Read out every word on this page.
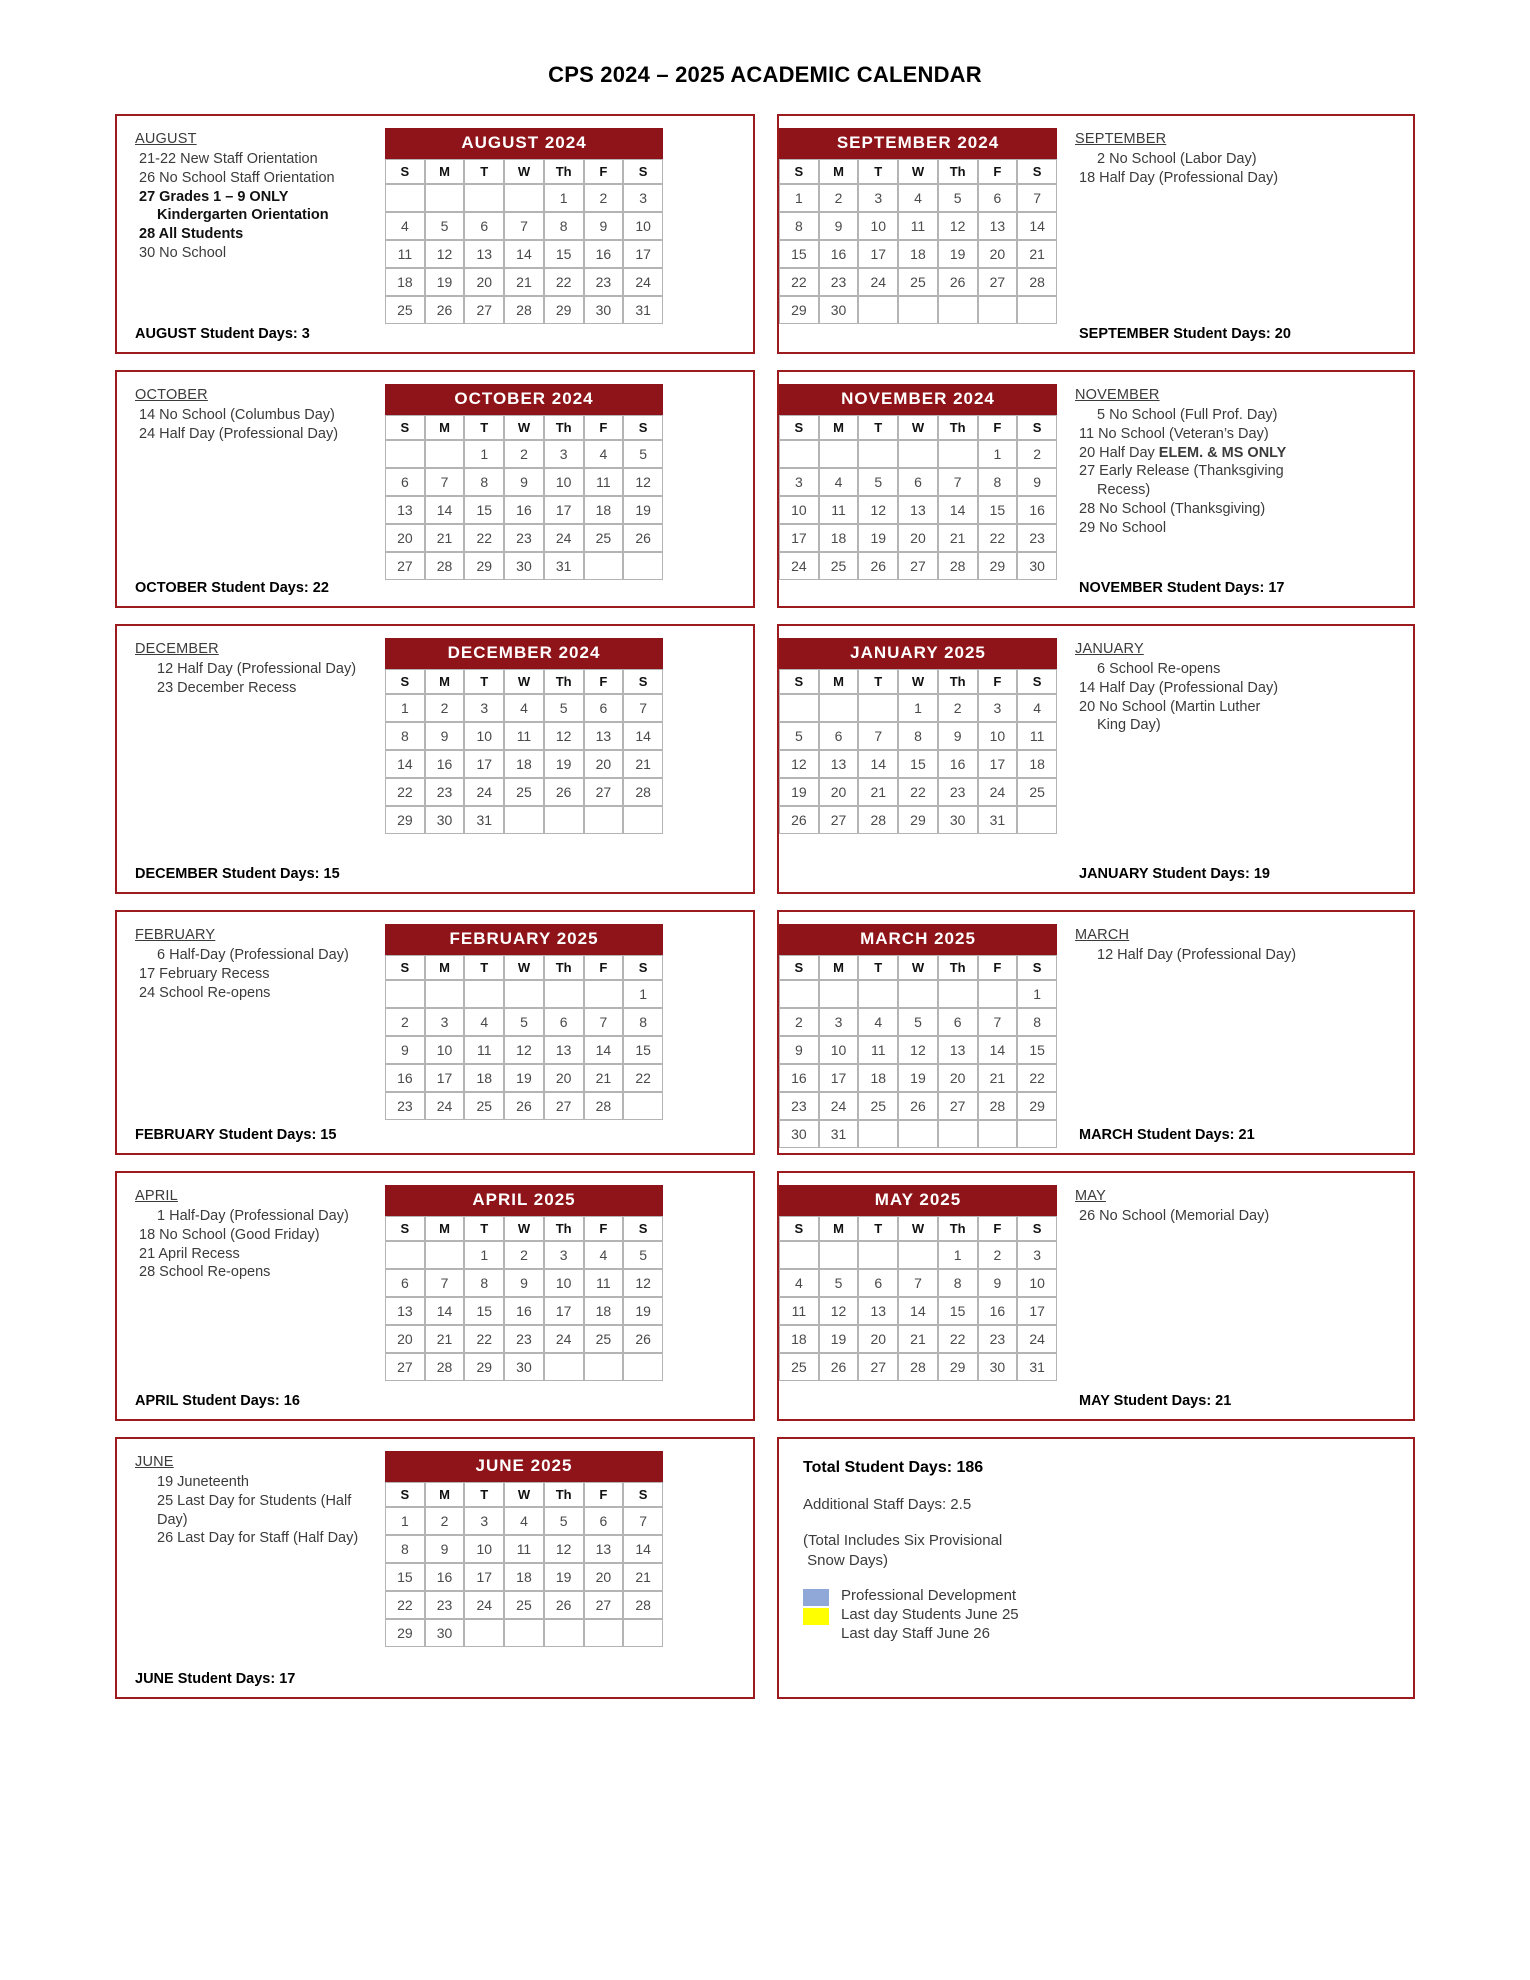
CPS 2024 – 2025 ACADEMIC CALENDAR
AUGUST
21-22 New Staff Orientation
26 No School Staff Orientation
27 Grades 1 – 9 ONLY
Kindergarten Orientation
28 All Students
30 No School
AUGUST Student Days: 3
AUGUST 2024
S	M	T	W	Th	F	S
				1	2	3
4	5	6	7	8	9	10
11	12	13	14	15	16	17
18	19	20	21	22	23	24
25	26	27	28	29	30	31
SEPTEMBER 2024
S	M	T	W	Th	F	S
1	2	3	4	5	6	7
8	9	10	11	12	13	14
15	16	17	18	19	20	21
22	23	24	25	26	27	28
29	30					
SEPTEMBER
2 No School (Labor Day)
18 Half Day (Professional Day)
SEPTEMBER Student Days: 20
OCTOBER
14 No School (Columbus Day)
24 Half Day (Professional Day)
OCTOBER Student Days: 22
OCTOBER 2024
S	M	T	W	Th	F	S
		1	2	3	4	5
6	7	8	9	10	11	12
13	14	15	16	17	18	19
20	21	22	23	24	25	26
27	28	29	30	31		
NOVEMBER 2024
S	M	T	W	Th	F	S
					1	2
3	4	5	6	7	8	9
10	11	12	13	14	15	16
17	18	19	20	21	22	23
24	25	26	27	28	29	30
NOVEMBER
5 No School (Full Prof. Day)
11 No School (Veteran’s Day)
20 Half Day ELEM. & MS ONLY
27 Early Release (Thanksgiving
Recess)
28 No School (Thanksgiving)
29 No School
NOVEMBER Student Days: 17
DECEMBER
12 Half Day (Professional Day)
23 December Recess
DECEMBER Student Days: 15
DECEMBER 2024
S	M	T	W	Th	F	S
1	2	3	4	5	6	7
8	9	10	11	12	13	14
14	16	17	18	19	20	21
22	23	24	25	26	27	28
29	30	31				
JANUARY 2025
S	M	T	W	Th	F	S
			1	2	3	4
5	6	7	8	9	10	11
12	13	14	15	16	17	18
19	20	21	22	23	24	25
26	27	28	29	30	31	
JANUARY
6 School Re-opens
14 Half Day (Professional Day)
20 No School (Martin Luther
King Day)
JANUARY Student Days: 19
FEBRUARY
6 Half-Day (Professional Day)
17 February Recess
24 School Re-opens
FEBRUARY Student Days: 15
FEBRUARY 2025
S	M	T	W	Th	F	S
						1
2	3	4	5	6	7	8
9	10	11	12	13	14	15
16	17	18	19	20	21	22
23	24	25	26	27	28	
MARCH 2025
S	M	T	W	Th	F	S
						1
2	3	4	5	6	7	8
9	10	11	12	13	14	15
16	17	18	19	20	21	22
23	24	25	26	27	28	29
30	31					
MARCH
12 Half Day (Professional Day)
MARCH Student Days: 21
APRIL
1 Half-Day (Professional Day)
18 No School (Good Friday)
21 April Recess
28 School Re-opens
APRIL Student Days: 16
APRIL 2025
S	M	T	W	Th	F	S
		1	2	3	4	5
6	7	8	9	10	11	12
13	14	15	16	17	18	19
20	21	22	23	24	25	26
27	28	29	30			
MAY 2025
S	M	T	W	Th	F	S
				1	2	3
4	5	6	7	8	9	10
11	12	13	14	15	16	17
18	19	20	21	22	23	24
25	26	27	28	29	30	31
MAY
26 No School (Memorial Day)
MAY Student Days: 21
JUNE
19 Juneteenth
25 Last Day for Students (Half
Day)
26 Last Day for Staff (Half Day)
JUNE Student Days: 17
JUNE 2025
S	M	T	W	Th	F	S
1	2	3	4	5	6	7
8	9	10	11	12	13	14
15	16	17	18	19	20	21
22	23	24	25	26	27	28
29	30					
Total Student Days: 186
Additional Staff Days: 2.5
(Total Includes Six Provisional
Snow Days)
Professional Development
Last day Students June 25
Last day Staff June 26
